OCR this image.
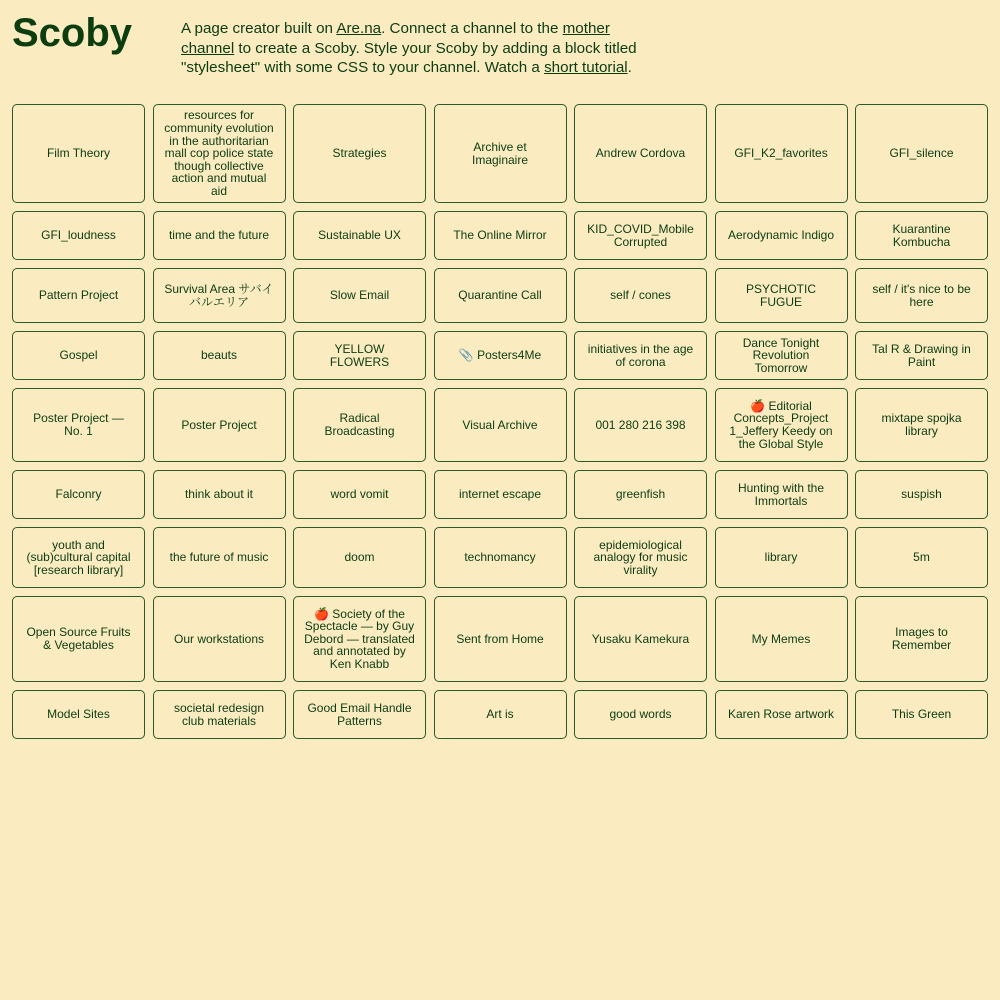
Scoby	A page creator built on Are.na. Connect a channel to the mother channel to create a Scoby. Style your Scoby by adding a block titled "stylesheet" with some CSS to your channel. Watch a short tutorial.

Film Theory
resources for community evolution in the authoritarian mall cop police state though collective action and mutual aid
Strategies	Archive et Imaginaire	Andrew Cordova	GFI_K2_favorites	GFI_silence
GFI_loudness	time and the future	Sustainable UX	The Online Mirror	KID_COVID_Mobile Corrupted	Aerodynamic Indigo	Kuarantine Kombucha
Pattern Project	Survival Area サバイバルエリア	Slow Email	Quarantine Call	self / cones	PSYCHOTIC FUGUE
self / it's nice to be here
Gospel	beauts	YELLOW FLOWERS	📎 Posters4Me	initiatives in the age of corona
Dance Tonight Revolution Tomorrow
Tal R & Drawing in Paint
Poster Project — No. 1	Poster Project	Radical Broadcasting	Visual Archive	001 280 216 398
🍎 Editorial Concepts_Project 1_Jeffery Keedy on the Global Style
mixtape spojka library
Falconry	think about it	word vomit	internet escape	greenfish	Hunting with the Immortals	suspish
youth and (sub)cultural capital [research library]
the future of music	doom	technomancy
epidemiological analogy for music virality
library	5m
Open Source Fruits & Vegetables	Our workstations
🍎 Society of the Spectacle — by Guy Debord — translated and annotated by Ken Knabb
Sent from Home	Yusaku Kamekura	My Memes	Images to Remember
Model Sites	societal redesign club materials
Good Email Handle Patterns	Art is	good words	Karen Rose artwork	This Green
